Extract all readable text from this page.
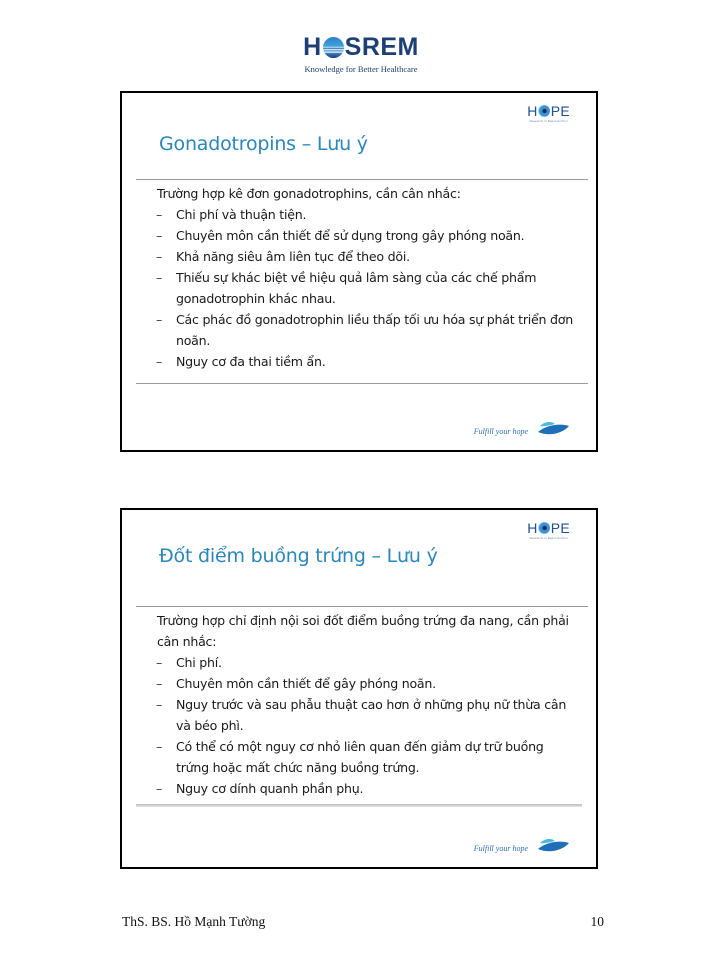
H SREM
Knowledge for Better Healthcare
H PE
Research in Reproduction
Gonadotropins – Lưu ý

Trường hợp kê đơn gonadotrophins, cần cân nhắc:

–	Chi phí và thuận tiện.
–	Chuyên môn cần thiết để sử dụng trong gây phóng noãn.
–	Khả năng siêu âm liên tục để theo dõi.
–	Thiếu sự khác biệt về hiệu quả lâm sàng của các chế phẩm gonadotrophin khác nhau.
–	Các phác đồ gonadotrophin liều thấp tối ưu hóa sự phát triển đơn noãn.
–	Nguy cơ đa thai tiềm ẩn.
Fulfill your hope
H PE
Research in Reproduction
Đốt điểm buồng trứng – Lưu ý

Trường hợp chỉ định nội soi đốt điểm buồng trứng đa nang, cần phải cân nhắc:

–	Chi phí.
–	Chuyên môn cần thiết để gây phóng noãn.
–	Nguy trước và sau phẫu thuật cao hơn ở những phụ nữ thừa cân và béo phì.
–	Có thể có một nguy cơ nhỏ liên quan đến giảm dự trữ buồng trứng hoặc mất chức năng buồng trứng.
–	Nguy cơ dính quanh phần phụ.
Fulfill your hope
ThS. BS. Hồ Mạnh Tường	10
